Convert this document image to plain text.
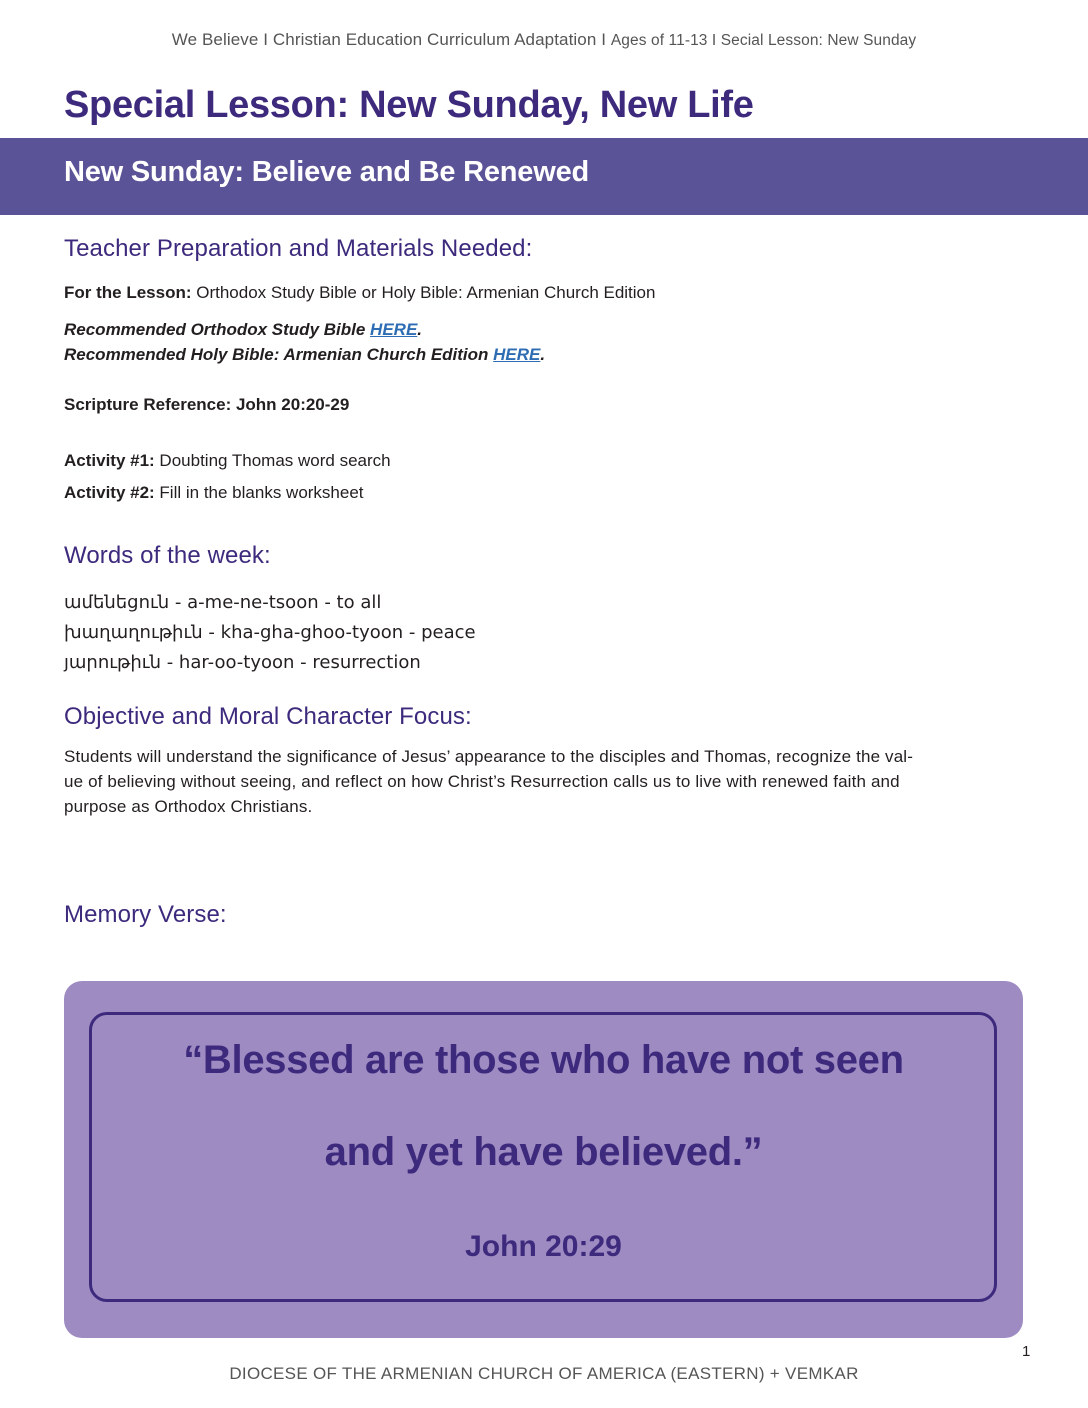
We Believe I Christian Education Curriculum Adaptation I Ages of 11-13 I Secial Lesson: New Sunday
Special Lesson: New Sunday, New Life
New Sunday: Believe and Be Renewed
Teacher Preparation and Materials Needed:
For the Lesson: Orthodox Study Bible or Holy Bible: Armenian Church Edition
Recommended Orthodox Study Bible HERE.
Recommended Holy Bible: Armenian Church Edition HERE.
Scripture Reference: John 20:20-29
Activity #1: Doubting Thomas word search
Activity #2: Fill in the blanks worksheet
Words of the week:
ամենեցուն - a-me-ne-tsoon - to all
խաղաղութիւն - kha-gha-ghoo-tyoon - peace
յարութիւն - har-oo-tyoon - resurrection
Objective and Moral Character Focus:
Students will understand the significance of Jesus’ appearance to the disciples and Thomas, recognize the val-
ue of believing without seeing, and reflect on how Christ’s Resurrection calls us to live with renewed faith and
purpose as Orthodox Christians.
Memory Verse:
“Blessed are those who have not seen
and yet have believed.”
John 20:29
1
DIOCESE OF THE ARMENIAN CHURCH OF AMERICA (EASTERN) + VEMKAR
